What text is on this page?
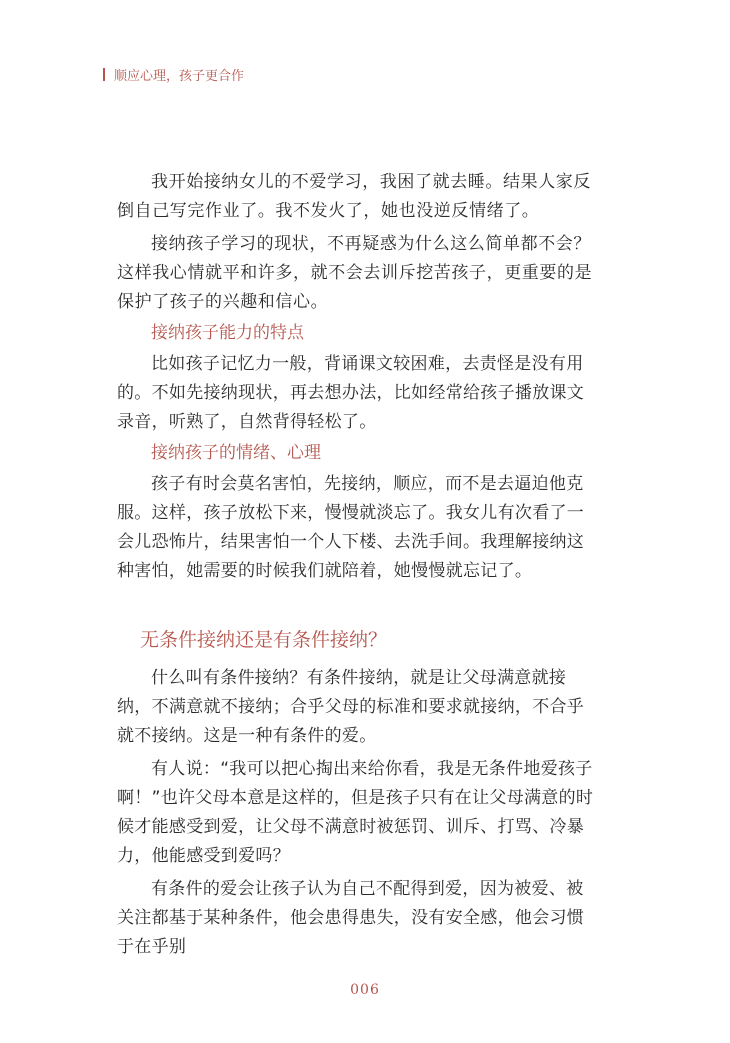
顺应心理，孩子更合作

我开始接纳女儿的不爱学习，我困了就去睡。结果人家反倒自己写完作业了。我不发火了，她也没逆反情绪了。

接纳孩子学习的现状，不再疑惑为什么这么简单都不会？这样我心情就平和许多，就不会去训斥挖苦孩子，更重要的是保护了孩子的兴趣和信心。

接纳孩子能力的特点

比如孩子记忆力一般，背诵课文较困难，去责怪是没有用的。不如先接纳现状，再去想办法，比如经常给孩子播放课文录音，听熟了，自然背得轻松了。

接纳孩子的情绪、心理

孩子有时会莫名害怕，先接纳，顺应，而不是去逼迫他克服。这样，孩子放松下来，慢慢就淡忘了。我女儿有次看了一会儿恐怖片，结果害怕一个人下楼、去洗手间。我理解接纳这种害怕，她需要的时候我们就陪着，她慢慢就忘记了。

无条件接纳还是有条件接纳？

什么叫有条件接纳？有条件接纳，就是让父母满意就接纳，不满意就不接纳；合乎父母的标准和要求就接纳，不合乎就不接纳。这是一种有条件的爱。

有人说：“我可以把心掏出来给你看，我是无条件地爱孩子啊！”也许父母本意是这样的，但是孩子只有在让父母满意的时候才能感受到爱，让父母不满意时被惩罚、训斥、打骂、冷暴力，他能感受到爱吗？

有条件的爱会让孩子认为自己不配得到爱，因为被爱、被关注都基于某种条件，他会患得患失，没有安全感，他会习惯于在乎别

006
